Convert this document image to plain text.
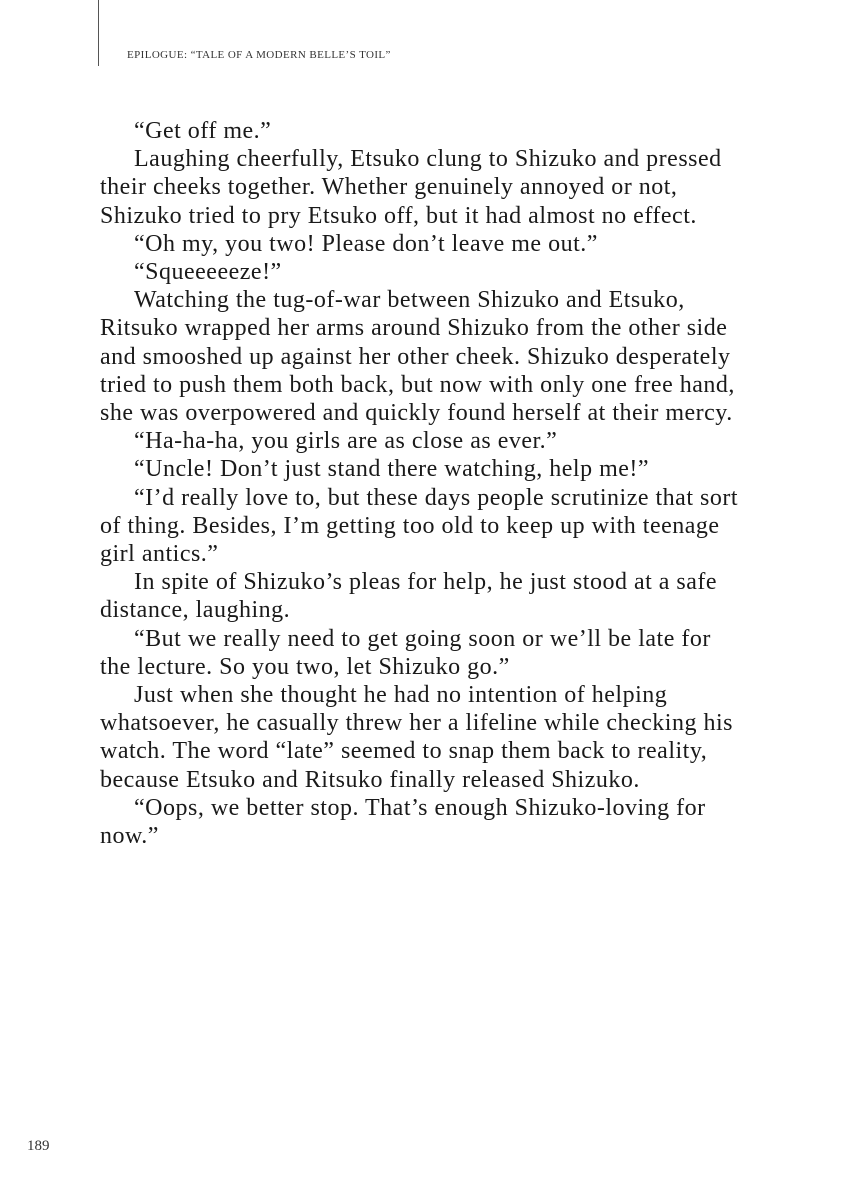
EPILOGUE: “TALE OF A MODERN BELLE’S TOIL”

“Get off me.”

Laughing cheerfully, Etsuko clung to Shizuko and pressed their cheeks together. Whether genuinely annoyed or not, Shizuko tried to pry Etsuko off, but it had almost no effect.

“Oh my, you two! Please don’t leave me out.”

“Squeeeeeze!”

Watching the tug-of-war between Shizuko and Etsuko, Ritsuko wrapped her arms around Shizuko from the other side and smooshed up against her other cheek. Shizuko desperately tried to push them both back, but now with only one free hand, she was overpowered and quickly found herself at their mercy.

“Ha-ha-ha, you girls are as close as ever.”

“Uncle! Don’t just stand there watching, help me!”

“I’d really love to, but these days people scrutinize that sort of thing. Besides, I’m getting too old to keep up with teenage girl antics.”

In spite of Shizuko’s pleas for help, he just stood at a safe distance, laughing.

“But we really need to get going soon or we’ll be late for the lecture. So you two, let Shizuko go.”

Just when she thought he had no intention of helping whatsoever, he casually threw her a lifeline while checking his watch. The word “late” seemed to snap them back to reality, because Etsuko and Ritsuko finally released Shizuko.

“Oops, we better stop. That’s enough Shizuko-loving for now.”

189
